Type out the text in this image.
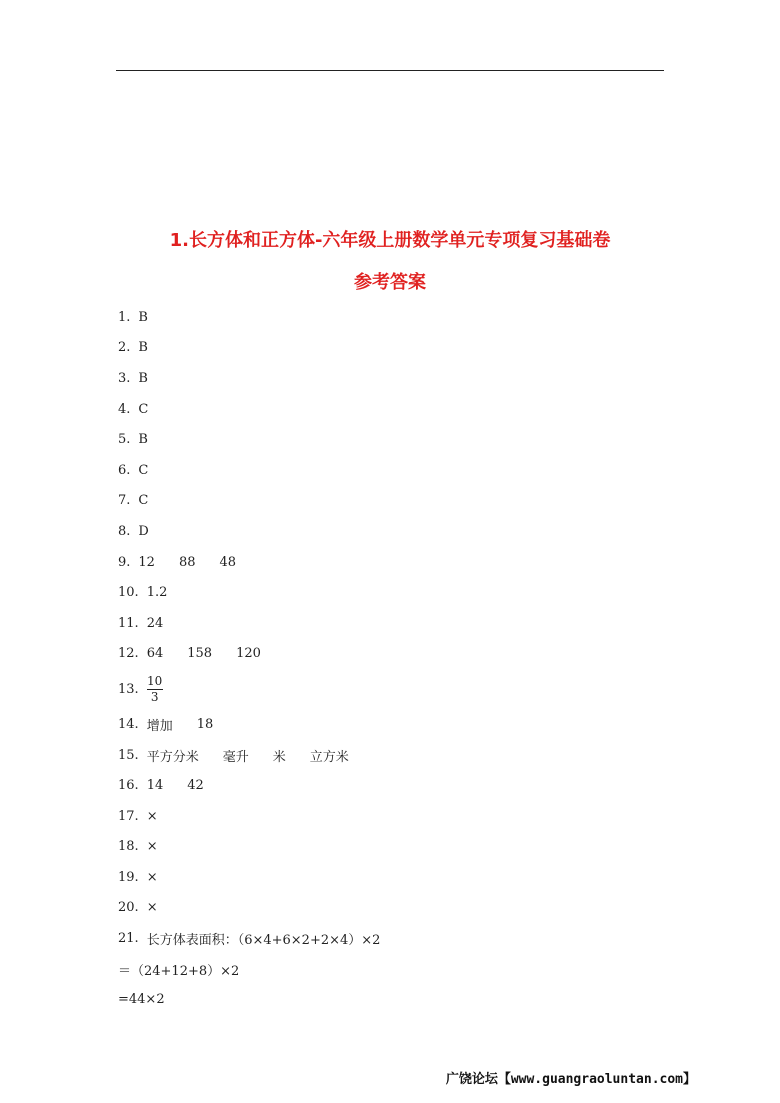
1.长方体和正方体-六年级上册数学单元专项复习基础卷
参考答案
1. B
2. B
3. B
4. C
5. B
6. C
7. C
8. D
9. 12 88 48
10. 1.2
11. 24
12. 64 158 120
13. $\frac{10}{3}$
14. 增加 18
15. 平方分米 毫升 米 立方米
16. 14 42
17. ×
18. ×
19. ×
20. ×
21. 长方体表面积：（6×4+6×2+2×4）×2
＝（24+12+8）×2
=44×2
广饶论坛【www.guangraoluntan.com】
